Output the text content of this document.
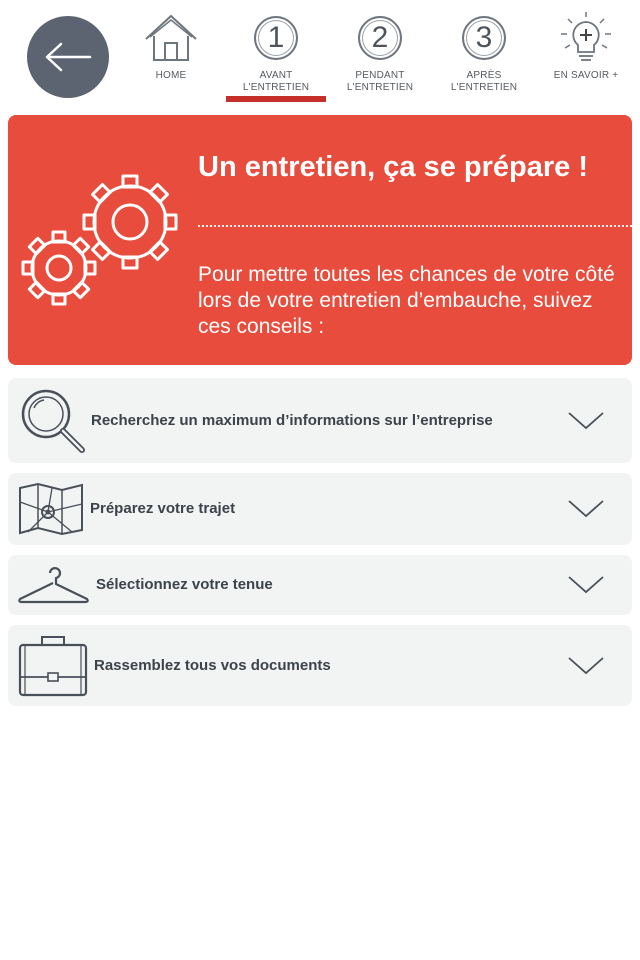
HOME
1
AVANT
L'ENTRETIEN
2
PENDANT
L'ENTRETIEN
3
APRÈS
L'ENTRETIEN
EN SAVOIR +
Un entretien, ça se prépare !
Pour mettre toutes les chances de votre côté lors de votre entretien d’embauche, suivez ces conseils :
Recherchez un maximum d’informations sur l’entreprise
Préparez votre trajet
Sélectionnez votre tenue
Rassemblez tous vos documents
